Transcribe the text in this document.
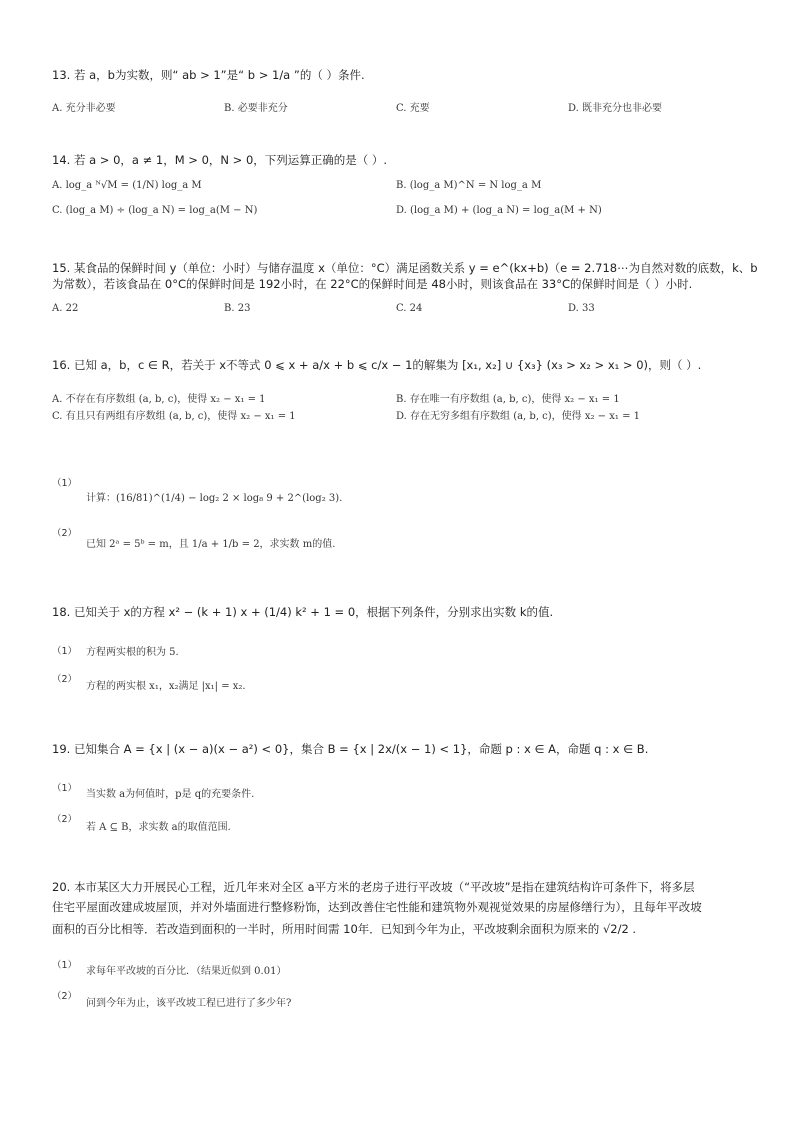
13. 若 a，b为实数，则“ ab > 1”是“ b > 1/a ”的（ ）条件.
A. 充分非必要	B. 必要非充分	C. 充要	D. 既非充分也非必要
14. 若 a > 0，a ≠ 1，M > 0，N > 0，下列运算正确的是（ ）.
A. log_a ᴺ√M = (1/N) log_a M	B. (log_a M)^N = N log_a M
C. (log_a M) ÷ (log_a N) = log_a(M − N)	D. (log_a M) + (log_a N) = log_a(M + N)
15. 某食品的保鲜时间 y（单位：小时）与储存温度 x（单位：°C）满足函数关系 y = e^(kx+b)（e = 2.718⋯为自然对数的底数，k、b
为常数），若该食品在 0°C的保鲜时间是 192小时，在 22°C的保鲜时间是 48小时，则该食品在 33°C的保鲜时间是（ ）小时.
A. 22	B. 23	C. 24	D. 33
16. 已知 a，b，c ∈ R，若关于 x不等式 0 ⩽ x + a/x + b ⩽ c/x − 1的解集为 [x₁, x₂] ∪ {x₃} (x₃ > x₂ > x₁ > 0)，则（ ）.
A. 不存在有序数组 (a, b, c)，使得 x₂ − x₁ = 1	B. 存在唯一有序数组 (a, b, c)，使得 x₂ − x₁ = 1
C. 有且只有两组有序数组 (a, b, c)，使得 x₂ − x₁ = 1	D. 存在无穷多组有序数组 (a, b, c)，使得 x₂ − x₁ = 1
（1）
计算：(16/81)^(1/4) − log₂ 2 × log₈ 9 + 2^(log₂ 3).
（2）
已知 2ᵃ = 5ᵇ = m，且 1/a + 1/b = 2，求实数 m的值.
18. 已知关于 x的方程 x² − (k + 1) x + (1/4) k² + 1 = 0，根据下列条件，分别求出实数 k的值.
（1） 方程两实根的积为 5.
（2）
方程的两实根 x₁，x₂满足 |x₁| = x₂.
19. 已知集合 A = {x | (x − a)(x − a²) < 0}，集合 B = {x | 2x/(x − 1) < 1}，命题 p : x ∈ A，命题 q : x ∈ B.
（1）
当实数 a为何值时，p是 q的充要条件.
（2）
若 A ⊆ B，求实数 a的取值范围.
20. 本市某区大力开展民心工程，近几年来对全区 a平方米的老房子进行平改坡（“平改坡”是指在建筑结构许可条件下，将多层
住宅平屋面改建成坡屋顶，并对外墙面进行整修粉饰，达到改善住宅性能和建筑物外观视觉效果的房屋修缮行为），且每年平改坡
面积的百分比相等．若改造到面积的一半时，所用时间需 10年．已知到今年为止，平改坡剩余面积为原来的 √2/2 .
（1）
求每年平改坡的百分比．（结果近似到 0.01）
（2）
问到今年为止，该平改坡工程已进行了多少年?
